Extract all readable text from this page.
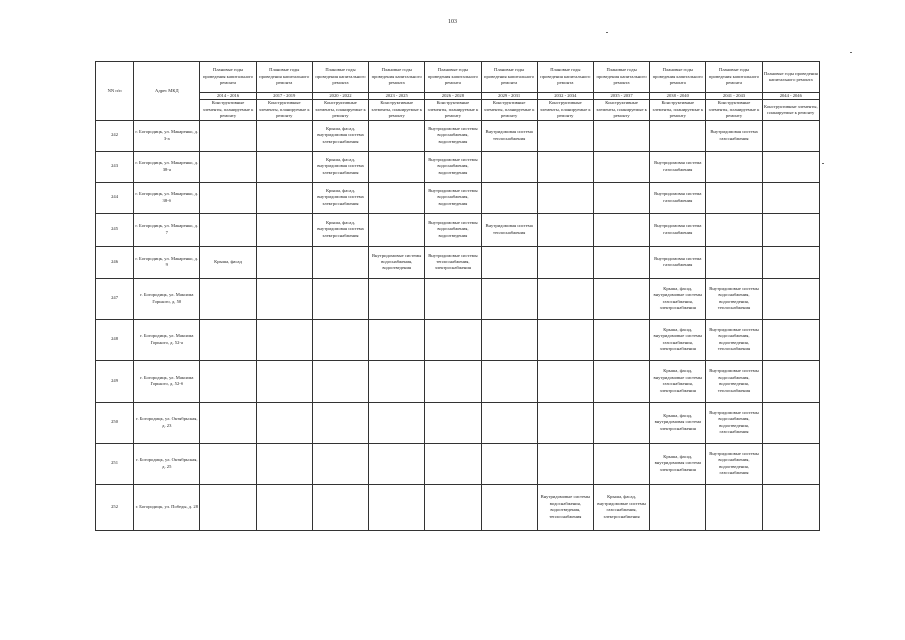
103
NN п/п	Адрес МКД	Плановые годы проведения капитального ремонта	Плановые годы проведения капитального ремонта	Плановые годы проведения капитального ремонта	Плановые годы проведения капитального ремонта	Плановые годы проведения капитального ремонта	Плановые годы проведения капитального ремонта	Плановые годы проведения капитального ремонта	Плановые годы проведения капитального ремонта	Плановые годы проведения капитального ремонта	Плановые годы проведения капитального ремонта	Плановые годы проведения капитального ремонта
		2014 - 2016	2017 - 2019	2020 - 2022	2023 - 2025	2026 - 2028	2029 - 2031	2032 - 2034	2035 - 2037	2038 - 2040	2041 - 2043	2044 - 2046
		Конструктивные элементы, планируемые к ремонту	Конструктивные элементы, планируемые к ремонту	Конструктивные элементы, планируемые к ремонту	Конструктивные элементы, планируемые к ремонту	Конструктивные элементы, планируемые к ремонту	Конструктивные элементы, планируемые к ремонту	Конструктивные элементы, планируемые к ремонту	Конструктивные элементы, планируемые к ремонту	Конструктивные элементы, планируемые к ремонту	Конструктивные элементы, планируемые к ремонту	Конструктивные элементы, планируемые к ремонту
242	г. Богородицк, ул. Макаренко, д. 3-а			Крыша, фасад, внутридомовая система электроснабжения		Внутридомовые системы водоснабжения, водоотведения	Внутридомовая система теплоснабжения				Внутридомовая система газоснабжения	
243	г. Богородицк, ул. Макаренко, д. 38-а			Крыша, фасад, внутридомовая система электроснабжения		Внутридомовые системы водоснабжения, водоотведения				Внутридомовая система газоснабжения		
244	г. Богородицк, ул. Макаренко, д. 38-б			Крыша, фасад, внутридомовая система электроснабжения		Внутридомовые системы водоснабжения, водоотведения				Внутридомовая система газоснабжения		
245	г. Богородицк, ул. Макаренко, д. 7			Крыша, фасад, внутридомовая система электроснабжения		Внутридомовые системы водоснабжения, водоотведения	Внутридомовая система теплоснабжения			Внутридомовая система газоснабжения		
246	г. Богородицк, ул. Макаренко, д. 9	Крыша, фасад			Внутридомовые системы водоснабжения, водоотведения	Внутридомовые системы теплоснабжения, электроснабжения				Внутридомовая система газоснабжения		
247	г. Богородицк, ул. Максима Горького, д. 50									Крыша, фасад, внутридомовые системы газоснабжения, электроснабжения	Внутридомовые системы водоснабжения, водоотведения, теплоснабжения	
248	г. Богородицк, ул. Максима Горького, д. 52-а									Крыша, фасад, внутридомовые системы газоснабжения, электроснабжения	Внутридомовые системы водоснабжения, водоотведения, теплоснабжения	
249	г. Богородицк, ул. Максима Горького, д. 52-б									Крыша, фасад, внутридомовые системы газоснабжения, электроснабжения	Внутридомовые системы водоснабжения, водоотведения, теплоснабжения	
250	г. Богородицк, ул. Октябрьская, д. 23									Крыша, фасад, внутридомовая система электроснабжения	Внутридомовые системы водоснабжения, водоотведения, газоснабжения	
251	г. Богородицк, ул. Октябрьская, д. 25									Крыша, фасад, внутридомовая система электроснабжения	Внутридомовые системы водоснабжения, водоотведения, газоснабжения	
252	г. Богородицк, ул. Победы, д. 28							Внутридомовые системы водоснабжения, водоотведения, теплоснабжения	Крыша, фасад, внутридомовые системы газоснабжения, электроснабжения			
